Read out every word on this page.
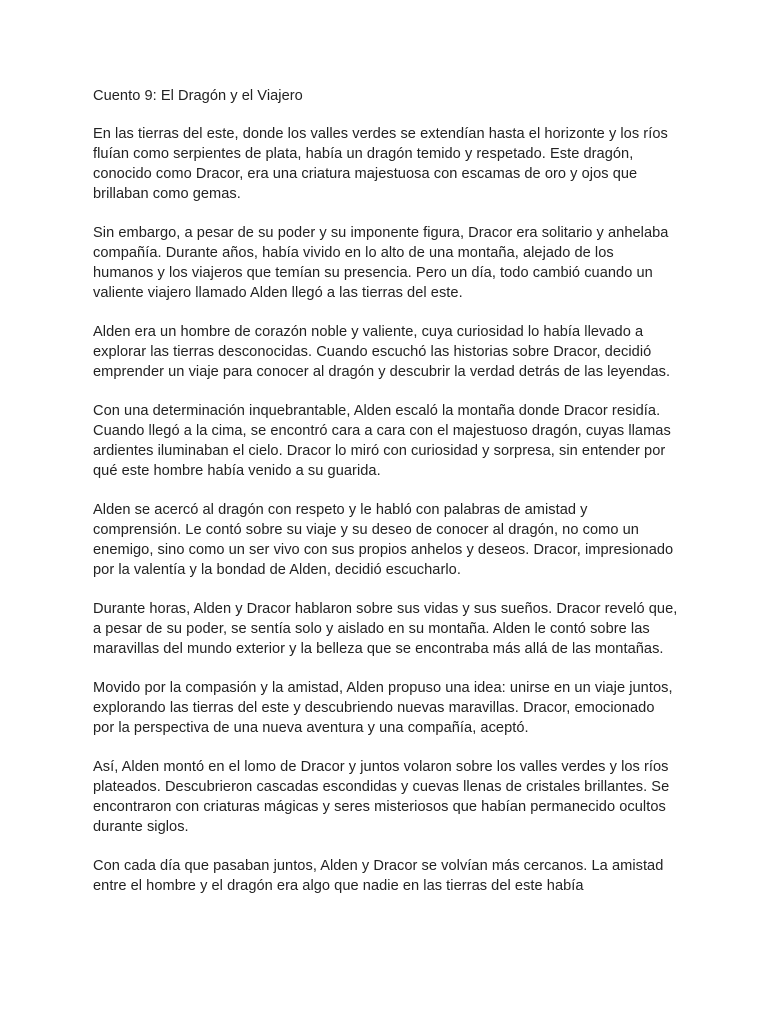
Cuento 9: El Dragón y el Viajero

En las tierras del este, donde los valles verdes se extendían hasta el horizonte y los ríos fluían como serpientes de plata, había un dragón temido y respetado. Este dragón, conocido como Dracor, era una criatura majestuosa con escamas de oro y ojos que brillaban como gemas.

Sin embargo, a pesar de su poder y su imponente figura, Dracor era solitario y anhelaba compañía. Durante años, había vivido en lo alto de una montaña, alejado de los humanos y los viajeros que temían su presencia. Pero un día, todo cambió cuando un valiente viajero llamado Alden llegó a las tierras del este.

Alden era un hombre de corazón noble y valiente, cuya curiosidad lo había llevado a explorar las tierras desconocidas. Cuando escuchó las historias sobre Dracor, decidió emprender un viaje para conocer al dragón y descubrir la verdad detrás de las leyendas.

Con una determinación inquebrantable, Alden escaló la montaña donde Dracor residía. Cuando llegó a la cima, se encontró cara a cara con el majestuoso dragón, cuyas llamas ardientes iluminaban el cielo. Dracor lo miró con curiosidad y sorpresa, sin entender por qué este hombre había venido a su guarida.

Alden se acercó al dragón con respeto y le habló con palabras de amistad y comprensión. Le contó sobre su viaje y su deseo de conocer al dragón, no como un enemigo, sino como un ser vivo con sus propios anhelos y deseos. Dracor, impresionado por la valentía y la bondad de Alden, decidió escucharlo.

Durante horas, Alden y Dracor hablaron sobre sus vidas y sus sueños. Dracor reveló que, a pesar de su poder, se sentía solo y aislado en su montaña. Alden le contó sobre las maravillas del mundo exterior y la belleza que se encontraba más allá de las montañas.

Movido por la compasión y la amistad, Alden propuso una idea: unirse en un viaje juntos, explorando las tierras del este y descubriendo nuevas maravillas. Dracor, emocionado por la perspectiva de una nueva aventura y una compañía, aceptó.

Así, Alden montó en el lomo de Dracor y juntos volaron sobre los valles verdes y los ríos plateados. Descubrieron cascadas escondidas y cuevas llenas de cristales brillantes. Se encontraron con criaturas mágicas y seres misteriosos que habían permanecido ocultos durante siglos.

Con cada día que pasaban juntos, Alden y Dracor se volvían más cercanos. La amistad entre el hombre y el dragón era algo que nadie en las tierras del este había
